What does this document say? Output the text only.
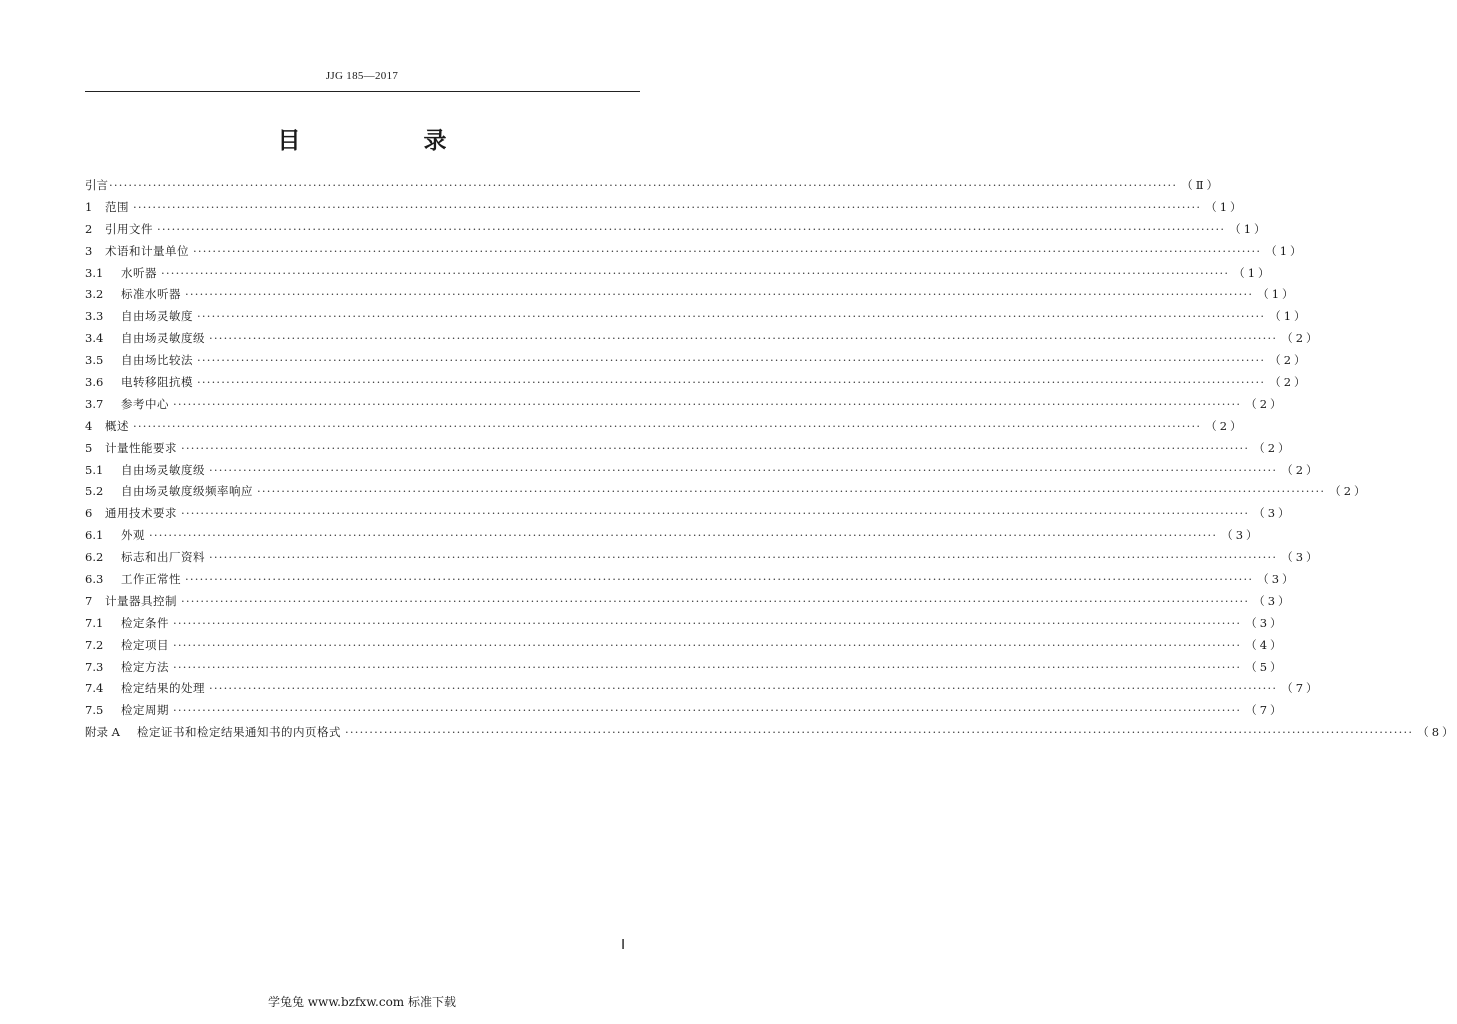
JJG 185—2017
目　录
引言 ···························································································································································································································· （Ⅱ）
1	范围 ···························································································································································································································· （1）
2	引用文件 ···························································································································································································································· （1）
3	术语和计量单位 ···························································································································································································································· （1）
3.1	水听器 ···························································································································································································································· （1）
3.2	标准水听器 ···························································································································································································································· （1）
3.3	自由场灵敏度 ···························································································································································································································· （1）
3.4	自由场灵敏度级 ···························································································································································································································· （2）
3.5	自由场比较法 ···························································································································································································································· （2）
3.6	电转移阻抗模 ···························································································································································································································· （2）
3.7	参考中心 ···························································································································································································································· （2）
4	概述 ···························································································································································································································· （2）
5	计量性能要求 ···························································································································································································································· （2）
5.1	自由场灵敏度级 ···························································································································································································································· （2）
5.2	自由场灵敏度级频率响应 ···························································································································································································································· （2）
6	通用技术要求 ···························································································································································································································· （3）
6.1	外观 ···························································································································································································································· （3）
6.2	标志和出厂资料 ···························································································································································································································· （3）
6.3	工作正常性 ···························································································································································································································· （3）
7	计量器具控制 ···························································································································································································································· （3）
7.1	检定条件 ···························································································································································································································· （3）
7.2	检定项目 ···························································································································································································································· （4）
7.3	检定方法 ···························································································································································································································· （5）
7.4	检定结果的处理 ···························································································································································································································· （7）
7.5	检定周期 ···························································································································································································································· （7）
附录 A	检定证书和检定结果通知书的内页格式 ···························································································································································································································· （8）
Ⅰ
学兔兔 www.bzfxw.com 标准下载
